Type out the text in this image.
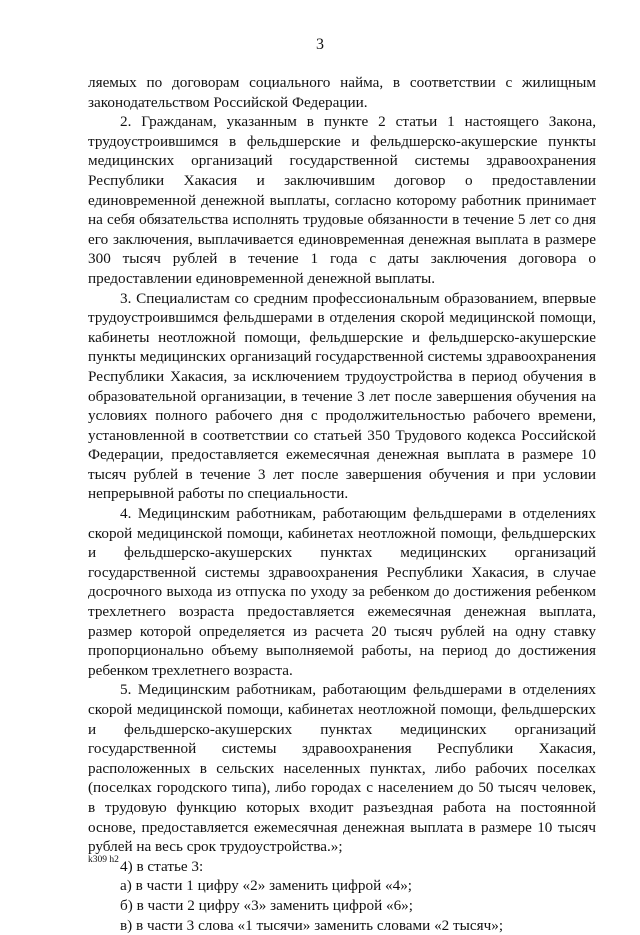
3

ляемых по договорам социального найма, в соответствии с жилищным законодательством Российской Федерации.

2. Гражданам, указанным в пункте 2 статьи 1 настоящего Закона, трудоустроившимся в фельдшерские и фельдшерско-акушерские пункты медицинских организаций государственной системы здравоохранения Республики Хакасия и заключившим договор о предоставлении единовременной денежной выплаты, согласно которому работник принимает на себя обязательства исполнять трудовые обязанности в течение 5 лет со дня его заключения, выплачивается единовременная денежная выплата в размере 300 тысяч рублей в течение 1 года с даты заключения договора о предоставлении единовременной денежной выплаты.

3. Специалистам со средним профессиональным образованием, впервые трудоустроившимся фельдшерами в отделения скорой медицинской помощи, кабинеты неотложной помощи, фельдшерские и фельдшерско-акушерские пункты медицинских организаций государственной системы здравоохранения Республики Хакасия, за исключением трудоустройства в период обучения в образовательной организации, в течение 3 лет после завершения обучения на условиях полного рабочего дня с продолжительностью рабочего времени, установленной в соответствии со статьей 350 Трудового кодекса Российской Федерации, предоставляется ежемесячная денежная выплата в размере 10 тысяч рублей в течение 3 лет после завершения обучения и при условии непрерывной работы по специальности.

4. Медицинским работникам, работающим фельдшерами в отделениях скорой медицинской помощи, кабинетах неотложной помощи, фельдшерских и фельдшерско-акушерских пунктах медицинских организаций государственной системы здравоохранения Республики Хакасия, в случае досрочного выхода из отпуска по уходу за ребенком до достижения ребенком трехлетнего возраста предоставляется ежемесячная денежная выплата, размер которой определяется из расчета 20 тысяч рублей на одну ставку пропорционально объему выполняемой работы, на период до достижения ребенком трехлетнего возраста.

5. Медицинским работникам, работающим фельдшерами в отделениях скорой медицинской помощи, кабинетах неотложной помощи, фельдшерских и фельдшерско-акушерских пунктах медицинских организаций государственной системы здравоохранения Республики Хакасия, расположенных в сельских населенных пунктах, либо рабочих поселках (поселках городского типа), либо городах с населением до 50 тысяч человек, в трудовую функцию которых входит разъездная работа на постоянной основе, предоставляется ежемесячная денежная выплата в размере 10 тысяч рублей на весь срок трудоустройства.»;

4) в статье 3:

а) в части 1 цифру «2» заменить цифрой «4»;

б) в части 2 цифру «3» заменить цифрой «6»;

в) в части 3 слова «1 тысячи» заменить словами «2 тысяч»;

k309 h2
